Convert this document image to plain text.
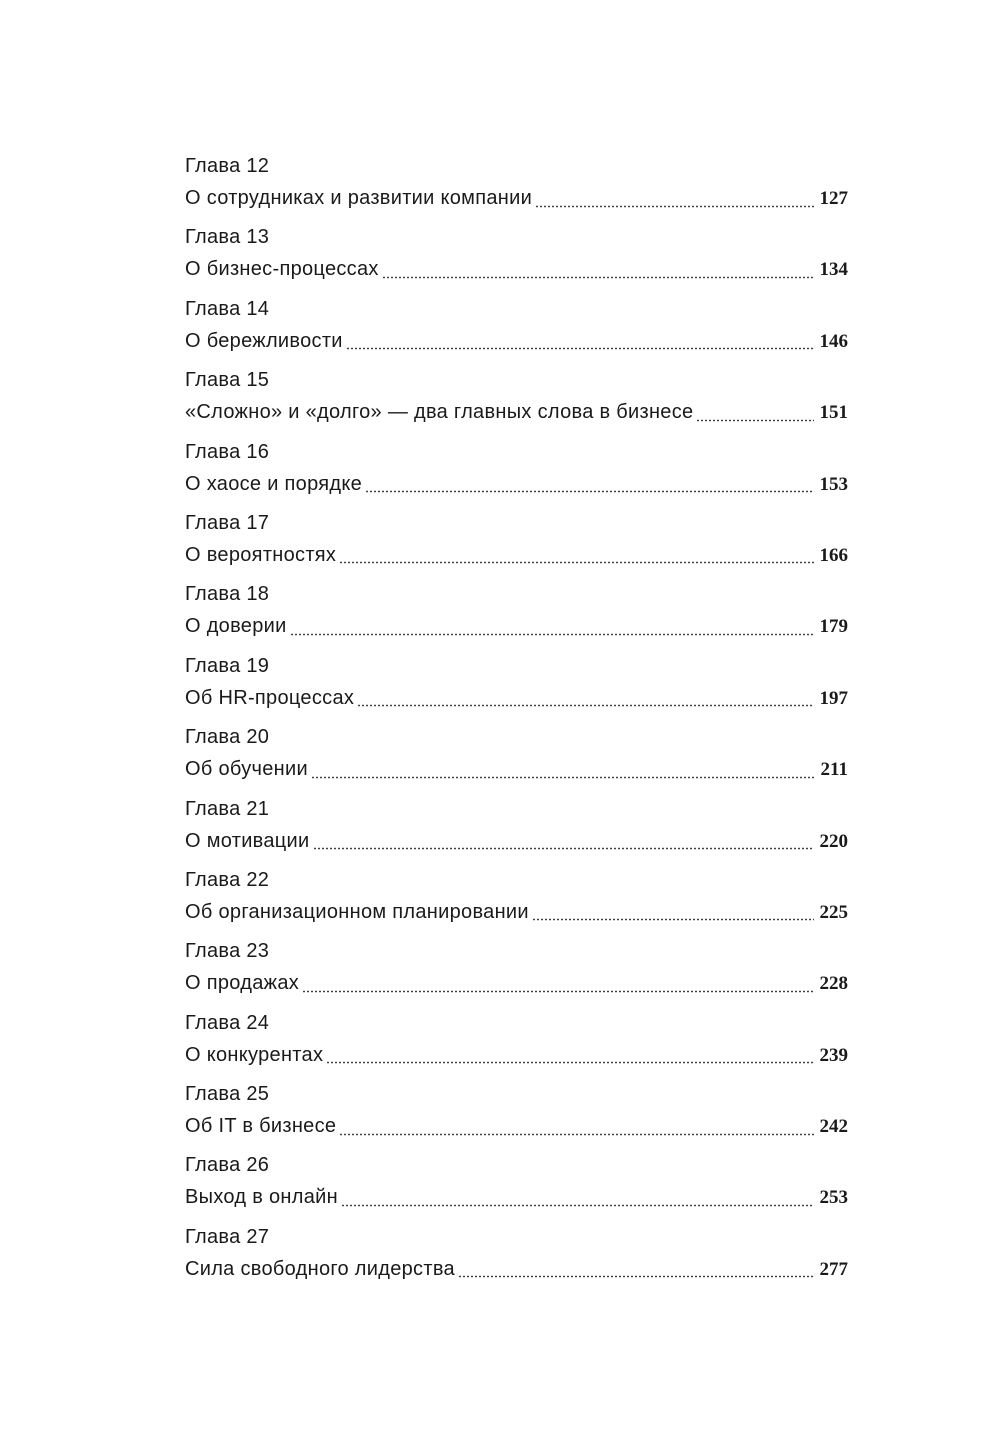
Глава 12
О сотрудниках и развитии компании	127
Глава 13
О бизнес-процессах	134
Глава 14
О бережливости	146
Глава 15
«Сложно» и «долго» — два главных слова в бизнесе	151
Глава 16
О хаосе и порядке	153
Глава 17
О вероятностях	166
Глава 18
О доверии	179
Глава 19
Об HR-процессах	197
Глава 20
Об обучении	211
Глава 21
О мотивации	220
Глава 22
Об организационном планировании	225
Глава 23
О продажах	228
Глава 24
О конкурентах	239
Глава 25
Об IT в бизнесе	242
Глава 26
Выход в онлайн	253
Глава 27
Сила свободного лидерства	277
